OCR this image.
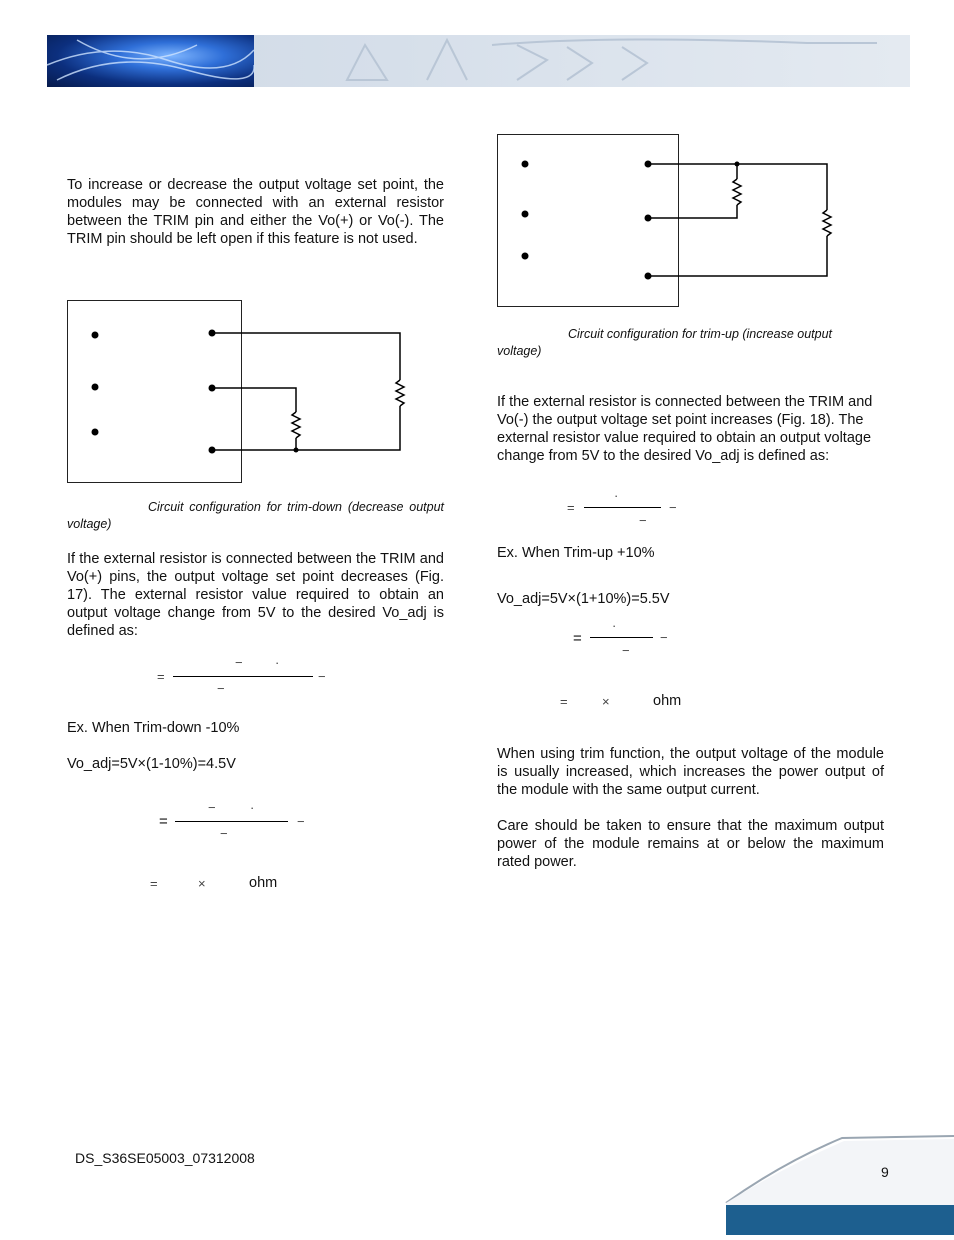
To increase or decrease the output voltage set point, the modules may be connected with an external resistor between the TRIM pin and either the Vo(+) or Vo(-). The TRIM pin should be left open if this feature is not used.

Circuit configuration for trim-down (decrease output voltage)

If the external resistor is connected between the TRIM and Vo(+) pins, the output voltage set point decreases (Fig. 17). The external resistor value required to obtain an output voltage change from 5V to the desired Vo_adj is defined as:

=
− ·
−
−
Ex. When Trim-down -10%
Vo_adj=5V×(1-10%)=4.5V
=
−	·
−
−
=	×	ohm

Circuit configuration for trim-up (increase output voltage)

If the external resistor is connected between the TRIM and Vo(-) the output voltage set point increases (Fig. 18). The external resistor value required to obtain an output voltage change from 5V to the desired Vo_adj is defined as:

=
·
−
−
Ex. When Trim-up +10%
Vo_adj=5V×(1+10%)=5.5V
=
·
−
−
=	×	ohm

When using trim function, the output voltage of the module is usually increased, which increases the power output of the module with the same output current.

Care should be taken to ensure that the maximum output power of the module remains at or below the maximum rated power.

DS_S36SE05003_07312008
9
